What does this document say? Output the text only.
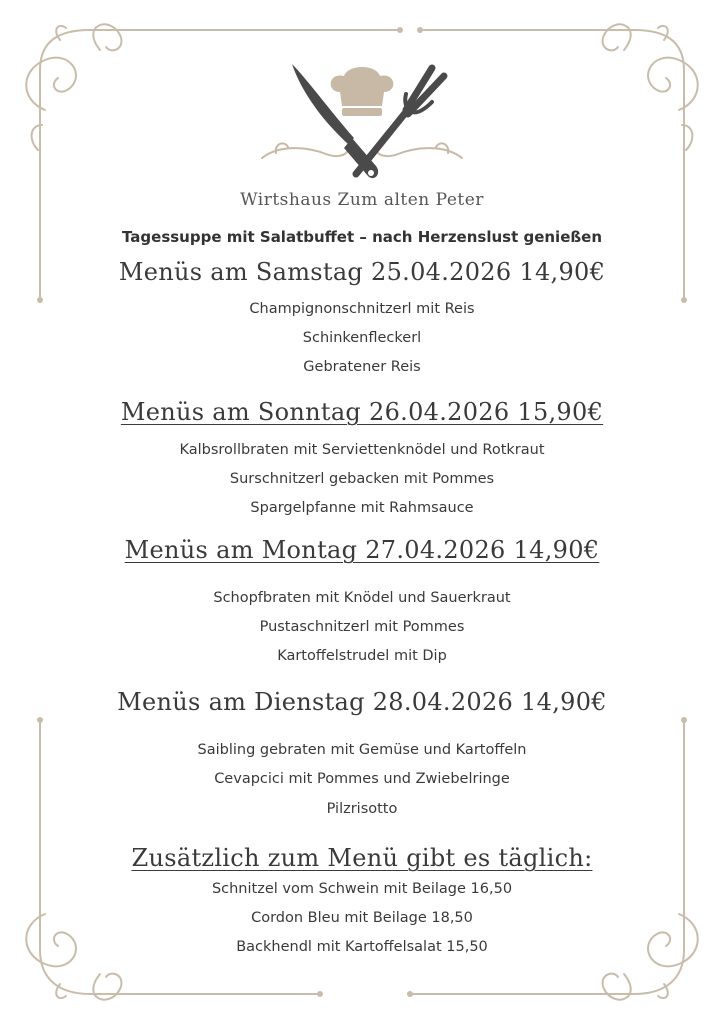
Wirtshaus Zum alten Peter
Tagessuppe mit Salatbuffet – nach Herzenslust genießen
Menüs am Samstag 25.04.2026 14,90€
Champignonschnitzerl mit Reis
Schinkenfleckerl
Gebratener Reis
Menüs am Sonntag 26.04.2026 15,90€
Kalbsrollbraten mit Serviettenknödel und Rotkraut
Surschnitzerl gebacken mit Pommes
Spargelpfanne mit Rahmsauce
Menüs am Montag 27.04.2026 14,90€
Schopfbraten mit Knödel und Sauerkraut
Pustaschnitzerl mit Pommes
Kartoffelstrudel mit Dip
Menüs am Dienstag 28.04.2026 14,90€
Saibling gebraten mit Gemüse und Kartoffeln
Cevapcici mit Pommes und Zwiebelringe
Pilzrisotto
Zusätzlich zum Menü gibt es täglich:
Schnitzel vom Schwein mit Beilage 16,50
Cordon Bleu mit Beilage 18,50
Backhendl mit Kartoffelsalat 15,50
